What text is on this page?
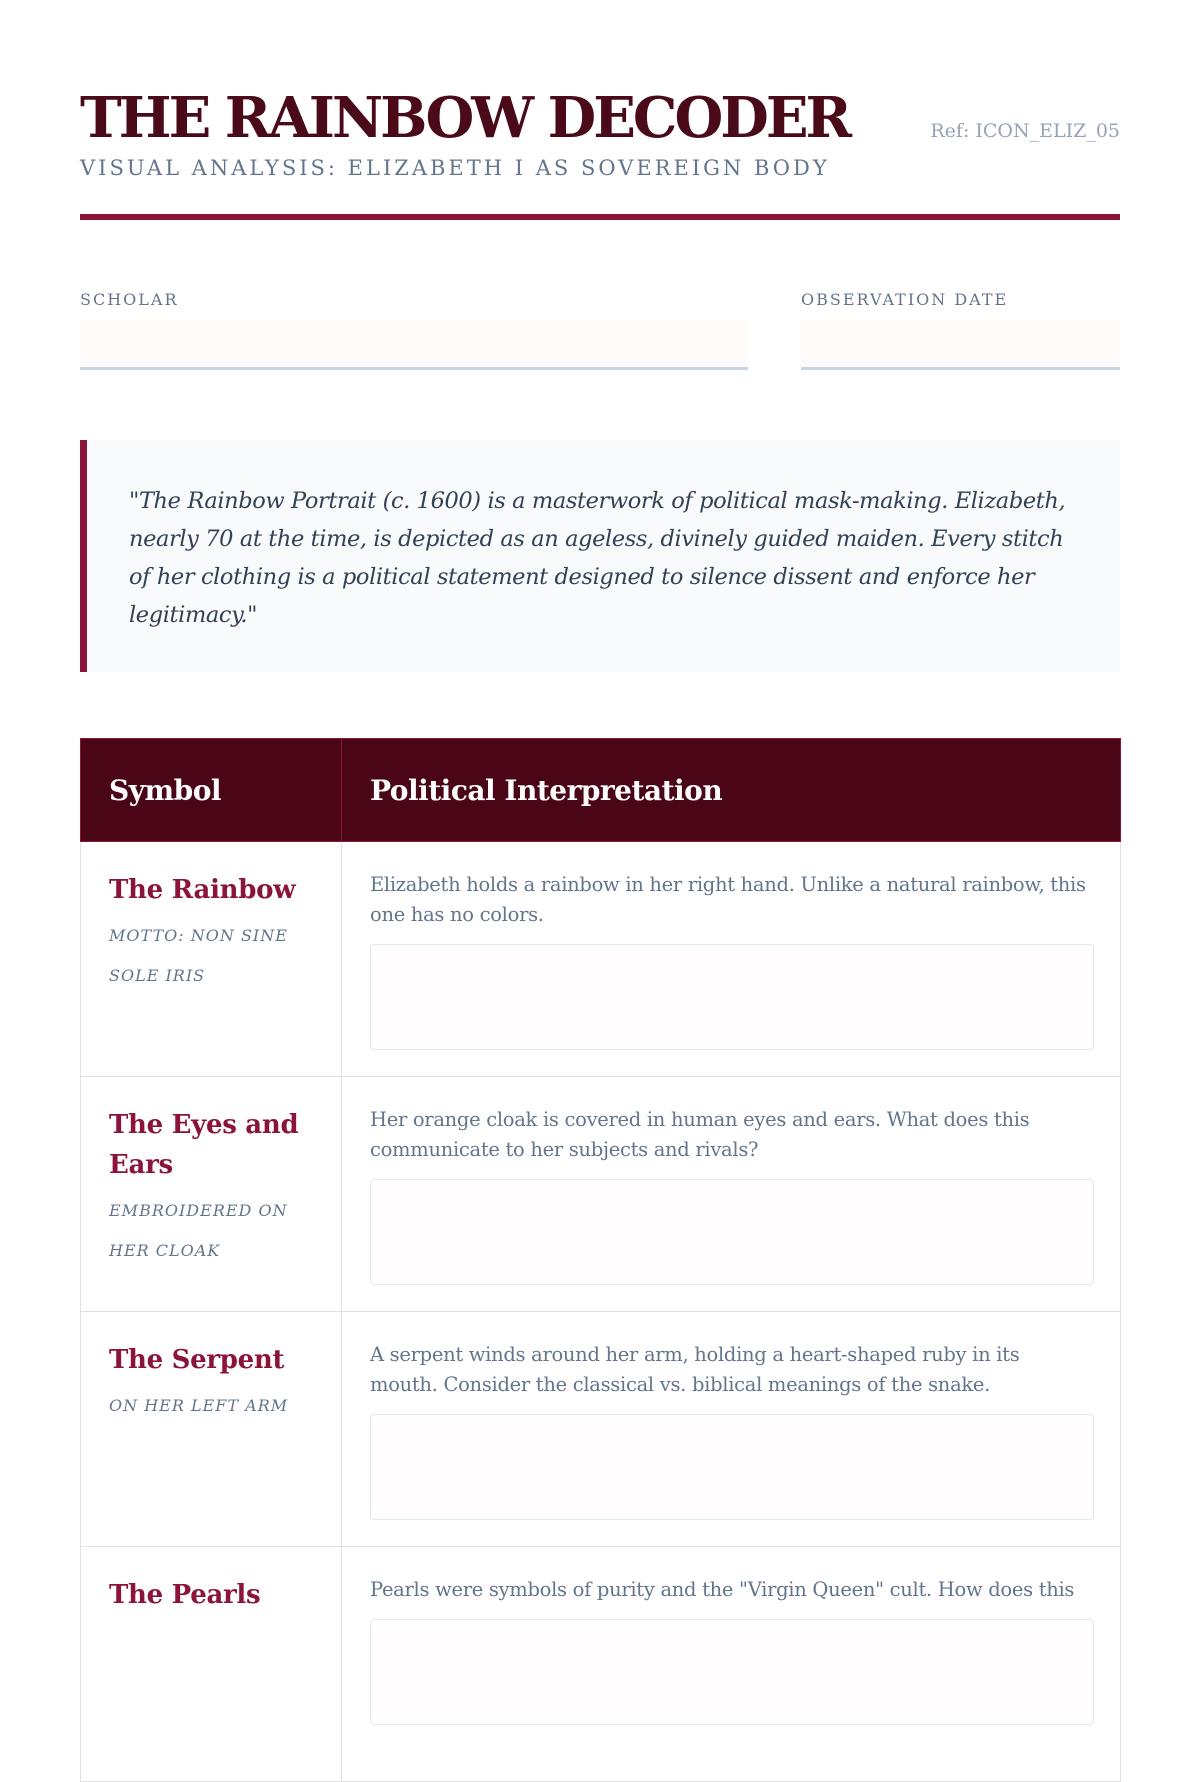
THE RAINBOW DECODER
VISUAL ANALYSIS: ELIZABETH I AS SOVEREIGN BODY
Ref: ICON_ELIZ_05
SCHOLAR	OBSERVATION DATE
"The Rainbow Portrait (c. 1600) is a masterwork of political mask-making. Elizabeth, nearly 70 at the time, is depicted as an ageless, divinely guided maiden. Every stitch of her clothing is a political statement designed to silence dissent and enforce her legitimacy."
Symbol	Political Interpretation

The Rainbow
MOTTO: NON SINE SOLE IRIS	Elizabeth holds a rainbow in her right hand. Unlike a natural rainbow, this one has no colors.

The Eyes and Ears
EMBROIDERED ON HER CLOAK	Her orange cloak is covered in human eyes and ears. What does this communicate to her subjects and rivals?

The Serpent
ON HER LEFT ARM	A serpent winds around her arm, holding a heart-shaped ruby in its mouth. Consider the classical vs. biblical meanings of the snake.

The Pearls	Pearls were symbols of purity and the "Virgin Queen" cult. How does this
